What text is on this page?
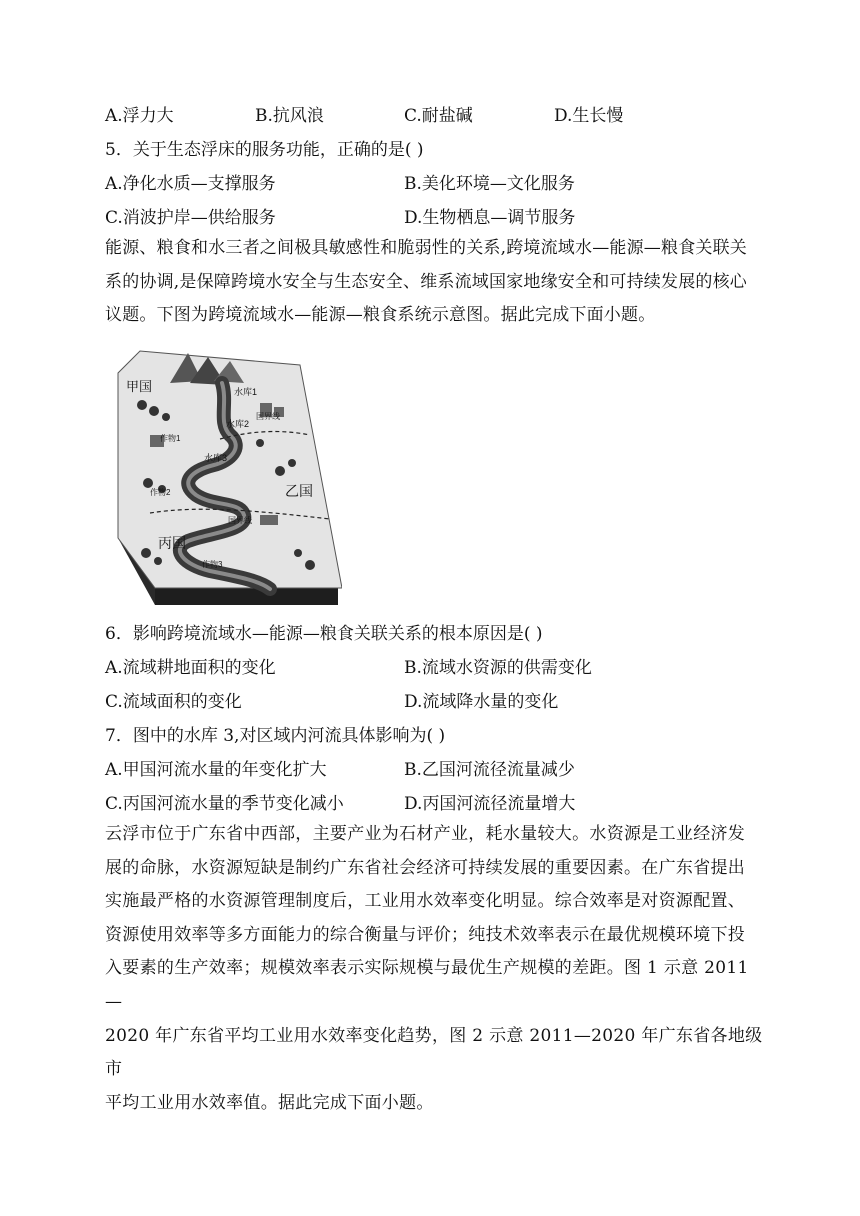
A.浮力大	B.抗风浪	C.耐盐碱	D.生长慢
5．关于生态浮床的服务功能，正确的是( )
A.净化水质—支撑服务	B.美化环境—文化服务
C.消波护岸—供给服务	D.生物栖息—调节服务
能源、粮食和水三者之间极具敏感性和脆弱性的关系,跨境流域水—能源—粮食关联关
系的协调,是保障跨境水安全与生态安全、维系流域国家地缘安全和可持续发展的核心
议题。下图为跨境流域水—能源—粮食系统示意图。据此完成下面小题。
甲国
乙国
丙国
水库1
水库2
水库3
国界线
国界线
作物1
作物2
作物3
6．影响跨境流域水—能源—粮食关联关系的根本原因是( )
A.流域耕地面积的变化	B.流域水资源的供需变化
C.流域面积的变化	D.流域降水量的变化
7．图中的水库 3,对区域内河流具体影响为( )
A.甲国河流水量的年变化扩大	B.乙国河流径流量减少
C.丙国河流水量的季节变化减小	D.丙国河流径流量增大
云浮市位于广东省中西部，主要产业为石材产业，耗水量较大。水资源是工业经济发
展的命脉，水资源短缺是制约广东省社会经济可持续发展的重要因素。在广东省提出
实施最严格的水资源管理制度后，工业用水效率变化明显。综合效率是对资源配置、
资源使用效率等多方面能力的综合衡量与评价；纯技术效率表示在最优规模环境下投
入要素的生产效率；规模效率表示实际规模与最优生产规模的差距。图 1 示意 2011—
2020 年广东省平均工业用水效率变化趋势，图 2 示意 2011—2020 年广东省各地级市
平均工业用水效率值。据此完成下面小题。
